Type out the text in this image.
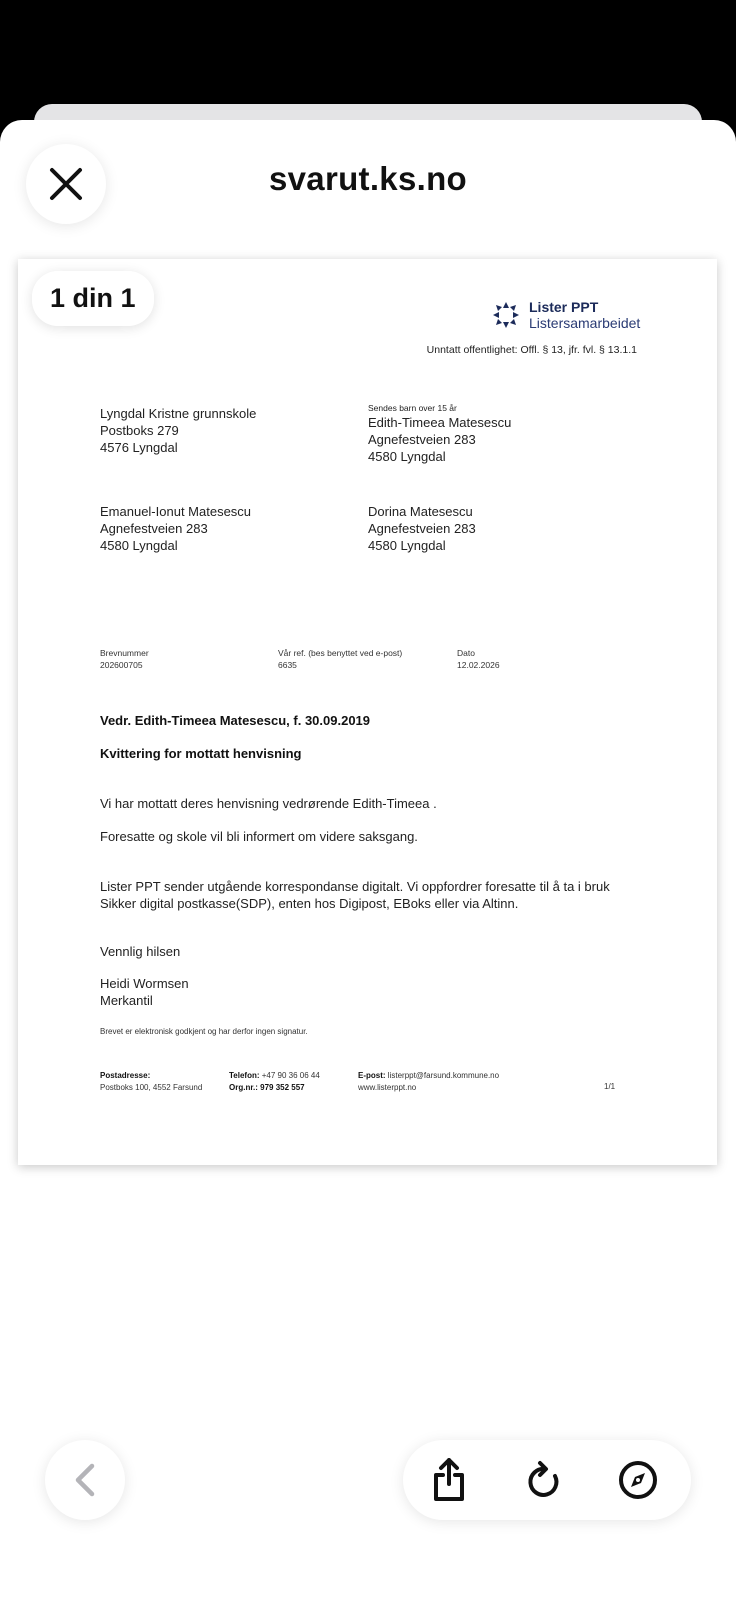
svarut.ks.no
1 din 1	Lister PPT
Listersamarbeidet
Unntatt offentlighet: Offl. § 13, jfr. fvl. § 13.1.1
Lyngdal Kristne grunnskole
Postboks 279
4576 Lyngdal
Sendes barn over 15 år
Edith-Timeea Matesescu
Agnefestveien 283
4580 Lyngdal
Emanuel-Ionut Matesescu
Agnefestveien 283
4580 Lyngdal
Dorina Matesescu
Agnefestveien 283
4580 Lyngdal
Brevnummer
202600705
Vår ref. (bes benyttet ved e-post)
6635
Dato
12.02.2026
Vedr. Edith-Timeea Matesescu, f. 30.09.2019
Kvittering for mottatt henvisning
Vi har mottatt deres henvisning vedrørende Edith-Timeea .
Foresatte og skole vil bli informert om videre saksgang.
Lister PPT sender utgående korrespondanse digitalt. Vi oppfordrer foresatte til å ta i bruk Sikker digital postkasse(SDP), enten hos Digipost, EBoks eller via Altinn.
Vennlig hilsen
Heidi Wormsen
Merkantil
Brevet er elektronisk godkjent og har derfor ingen signatur.
Postadresse:
Postboks 100, 4552 Farsund
Telefon: +47 90 36 06 44
Org.nr.: 979 352 557
E-post: listerppt@farsund.kommune.no
www.listerppt.no	1/1
